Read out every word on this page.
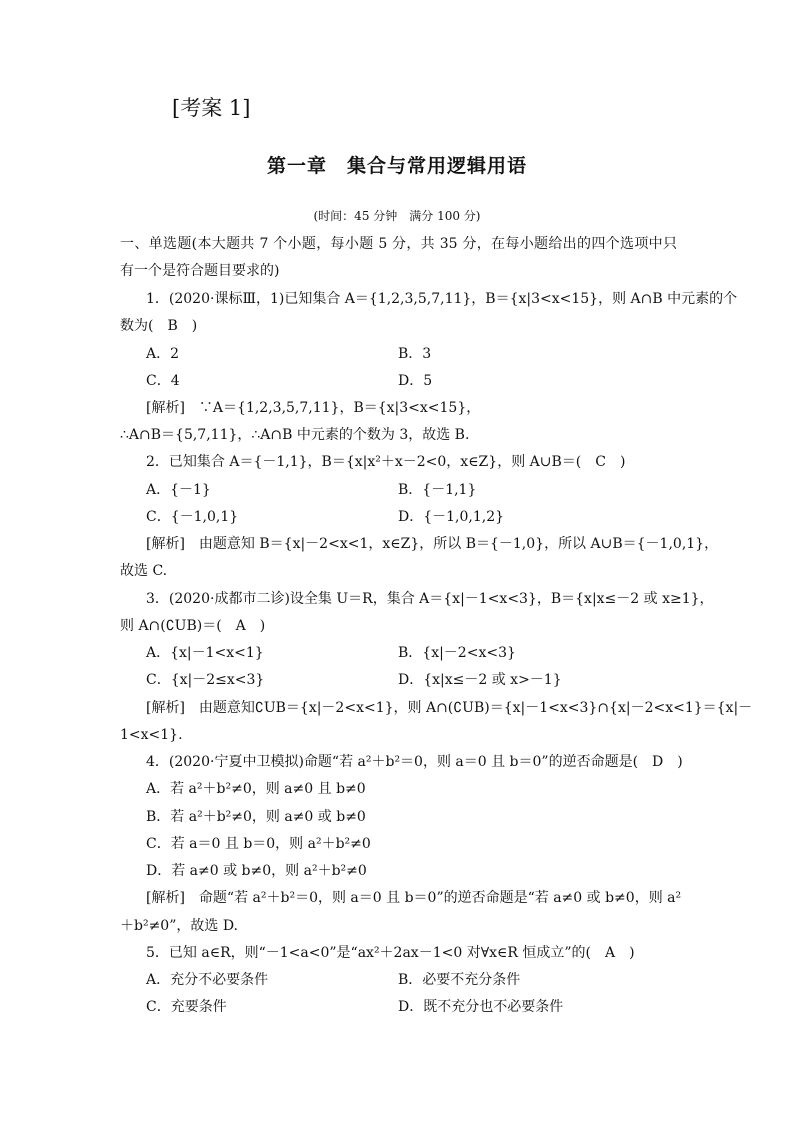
[考案 1]
第一章　集合与常用逻辑用语
(时间：45 分钟　满分 100 分)
一、单选题(本大题共 7 个小题，每小题 5 分，共 35 分，在每小题给出的四个选项中只
有一个是符合题目要求的)
1．(2020·课标Ⅲ，1)已知集合 A＝{1,2,3,5,7,11}，B＝{x|3<x<15}，则 A∩B 中元素的个
数为(　B　)
A．2	B．3
C．4	D．5
[解析]　∵A＝{1,2,3,5,7,11}，B＝{x|3<x<15}，
∴A∩B＝{5,7,11}，∴A∩B 中元素的个数为 3，故选 B.
2．已知集合 A＝{－1,1}，B＝{x|x²＋x－2<0，x∈Z}，则 A∪B＝(　C　)
A．{－1}	B．{－1,1}
C．{－1,0,1}	D．{－1,0,1,2}
[解析]　由题意知 B＝{x|－2<x<1，x∈Z}，所以 B＝{－1,0}，所以 A∪B＝{－1,0,1}，
故选 C.
3．(2020·成都市二诊)设全集 U＝R，集合 A＝{x|－1<x<3}，B＝{x|x≤－2 或 x≥1}，
则 A∩(∁UB)＝(　A　)
A．{x|－1<x<1}	B．{x|－2<x<3}
C．{x|－2≤x<3}	D．{x|x≤－2 或 x>－1}
[解析]　由题意知∁UB＝{x|－2<x<1}，则 A∩(∁UB)＝{x|－1<x<3}∩{x|－2<x<1}＝{x|－
1<x<1}.
4．(2020·宁夏中卫模拟)命题“若 a²＋b²＝0，则 a＝0 且 b＝0”的逆否命题是(　D　)
A．若 a²＋b²≠0，则 a≠0 且 b≠0
B．若 a²＋b²≠0，则 a≠0 或 b≠0
C．若 a＝0 且 b＝0，则 a²＋b²≠0
D．若 a≠0 或 b≠0，则 a²＋b²≠0
[解析]　命题“若 a²＋b²＝0，则 a＝0 且 b＝0”的逆否命题是“若 a≠0 或 b≠0，则 a²
＋b²≠0”，故选 D.
5．已知 a∈R，则“－1<a<0”是“ax²＋2ax－1<0 对∀x∈R 恒成立”的(　A　)
A．充分不必要条件	B．必要不充分条件
C．充要条件	D．既不充分也不必要条件
